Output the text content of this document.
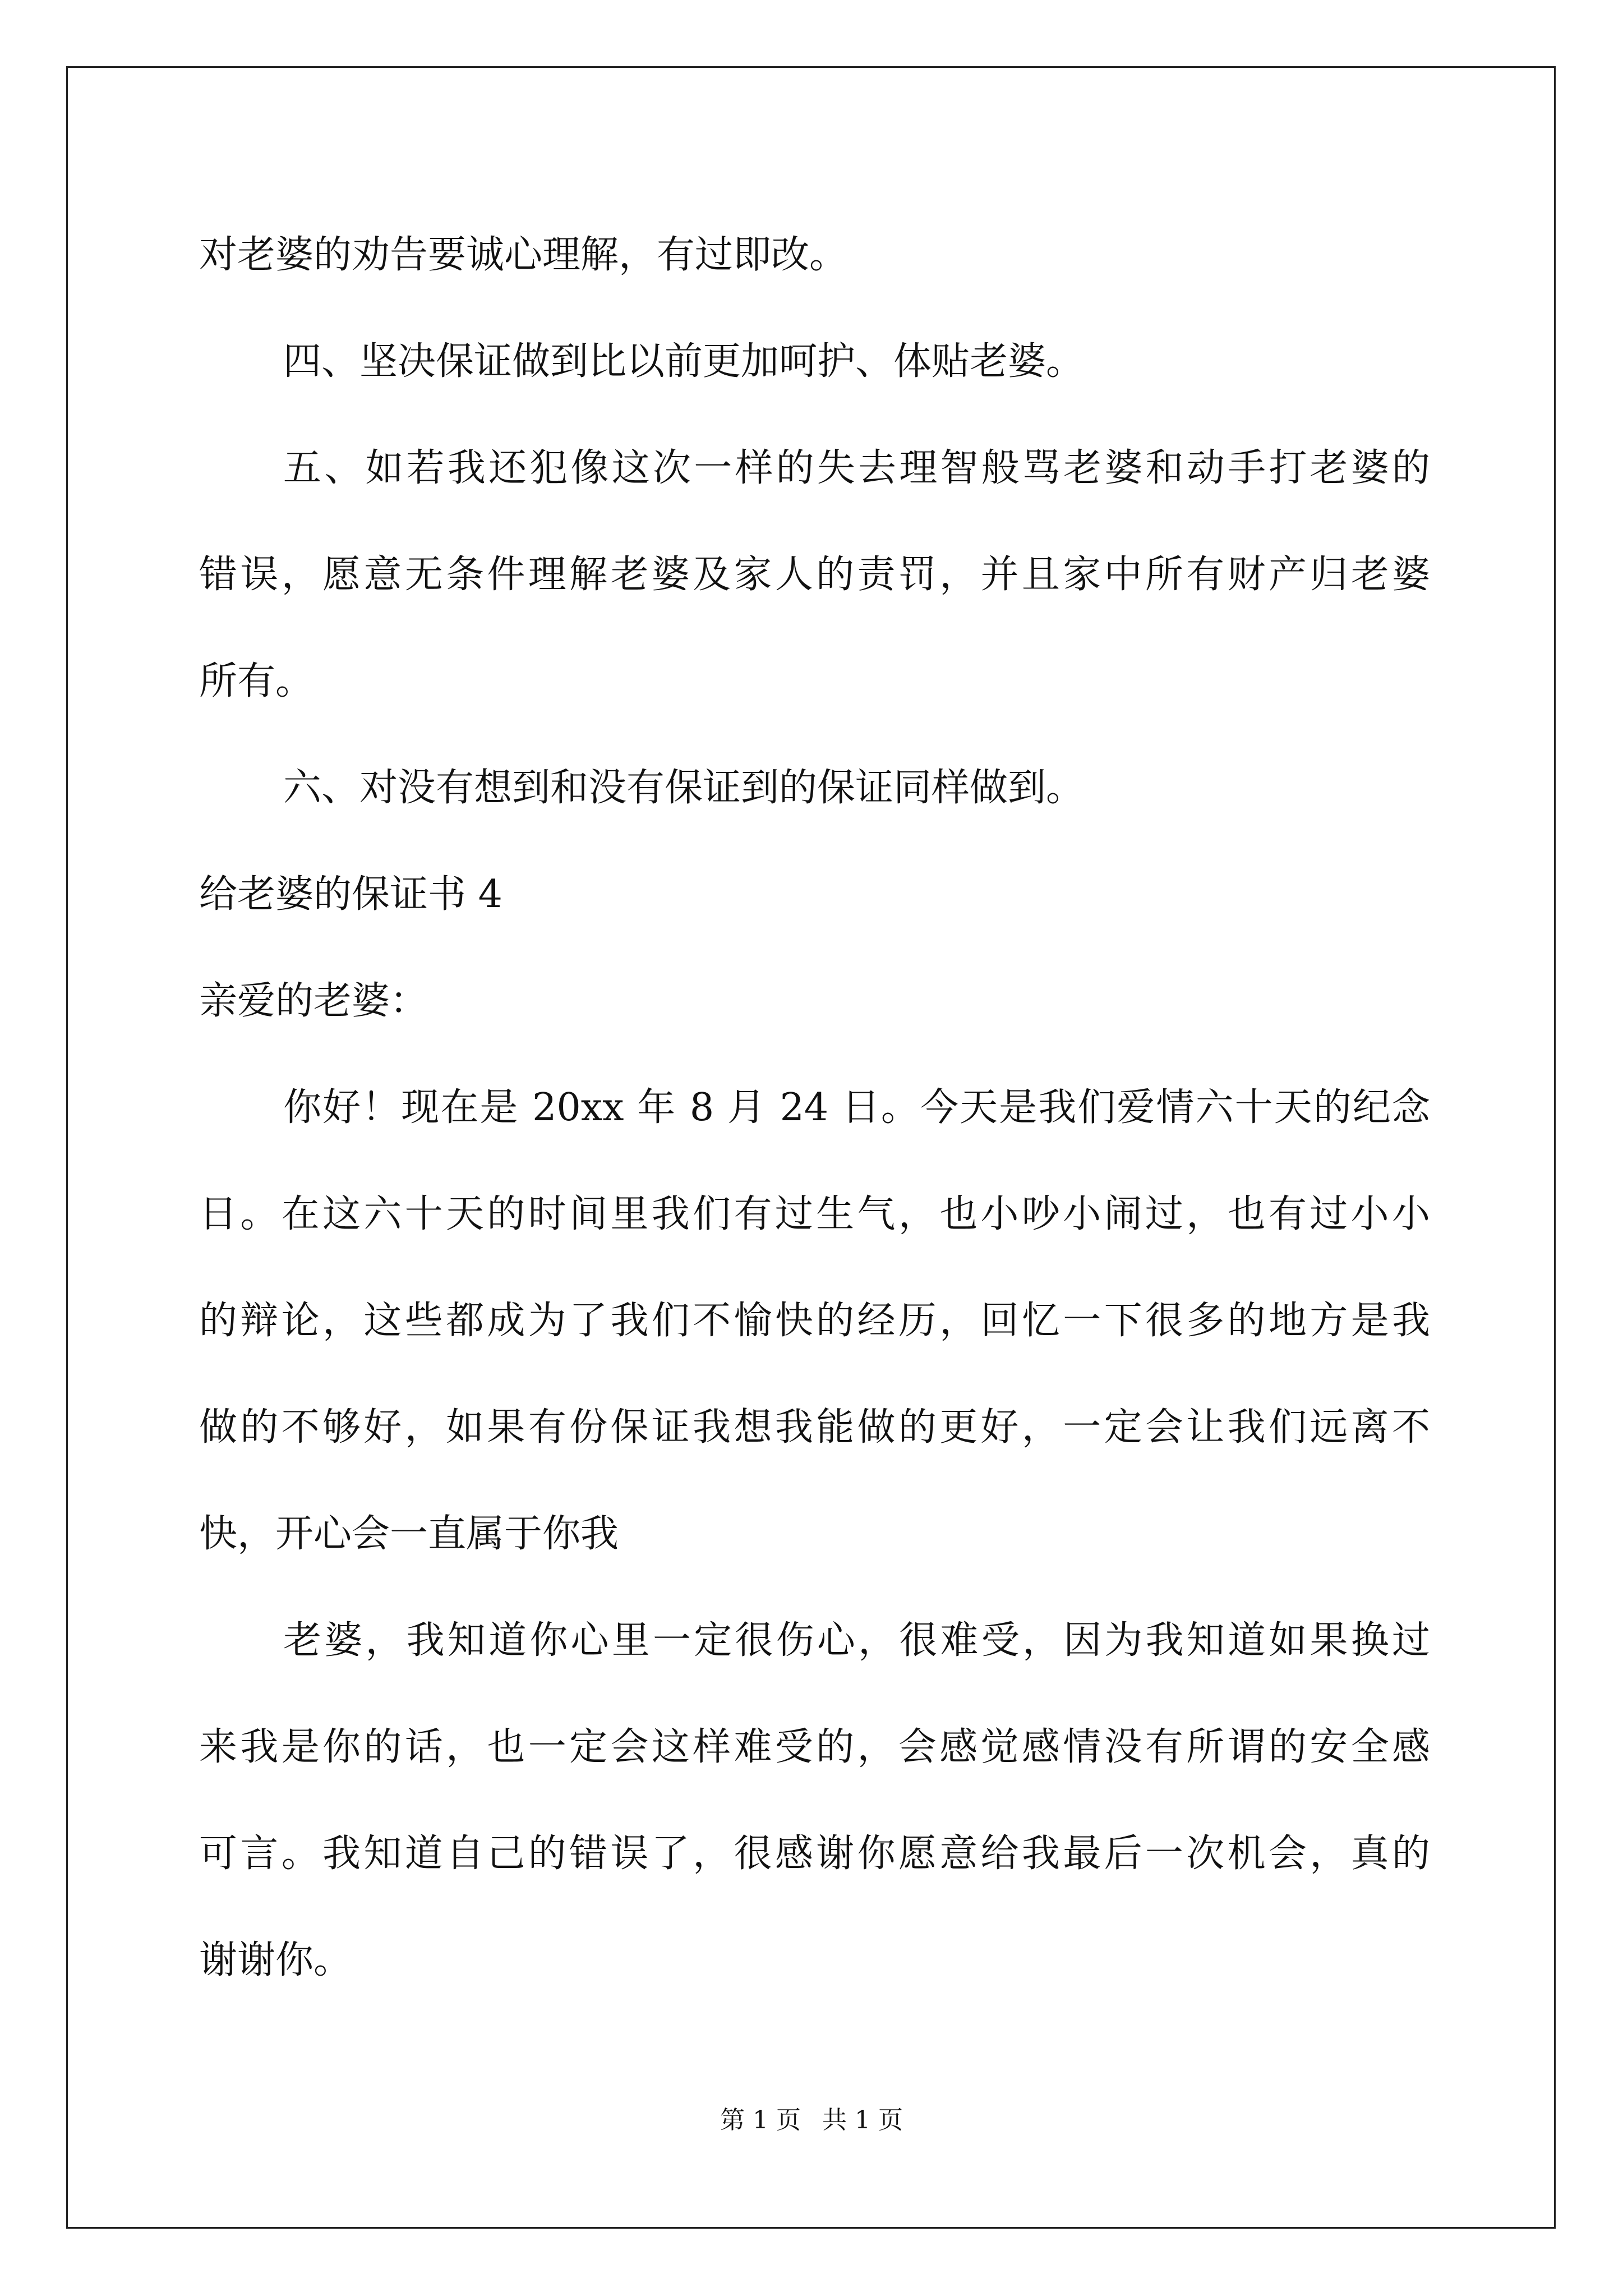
对老婆的劝告要诚心理解，有过即改。
四、坚决保证做到比以前更加呵护、体贴老婆。
五、如若我还犯像这次一样的失去理智般骂老婆和动手打老婆的
错误，愿意无条件理解老婆及家人的责罚，并且家中所有财产归老婆
所有。
六、对没有想到和没有保证到的保证同样做到。
给老婆的保证书 4
亲爱的老婆：
你好！现在是 20xx 年 8 月 24 日。今天是我们爱情六十天的纪念
日。在这六十天的时间里我们有过生气，也小吵小闹过，也有过小小
的辩论，这些都成为了我们不愉快的经历，回忆一下很多的地方是我
做的不够好，如果有份保证我想我能做的更好，一定会让我们远离不
快，开心会一直属于你我
老婆，我知道你心里一定很伤心，很难受，因为我知道如果换过
来我是你的话，也一定会这样难受的，会感觉感情没有所谓的安全感
可言。我知道自己的错误了，很感谢你愿意给我最后一次机会，真的
谢谢你。
第 1 页 共 1 页
